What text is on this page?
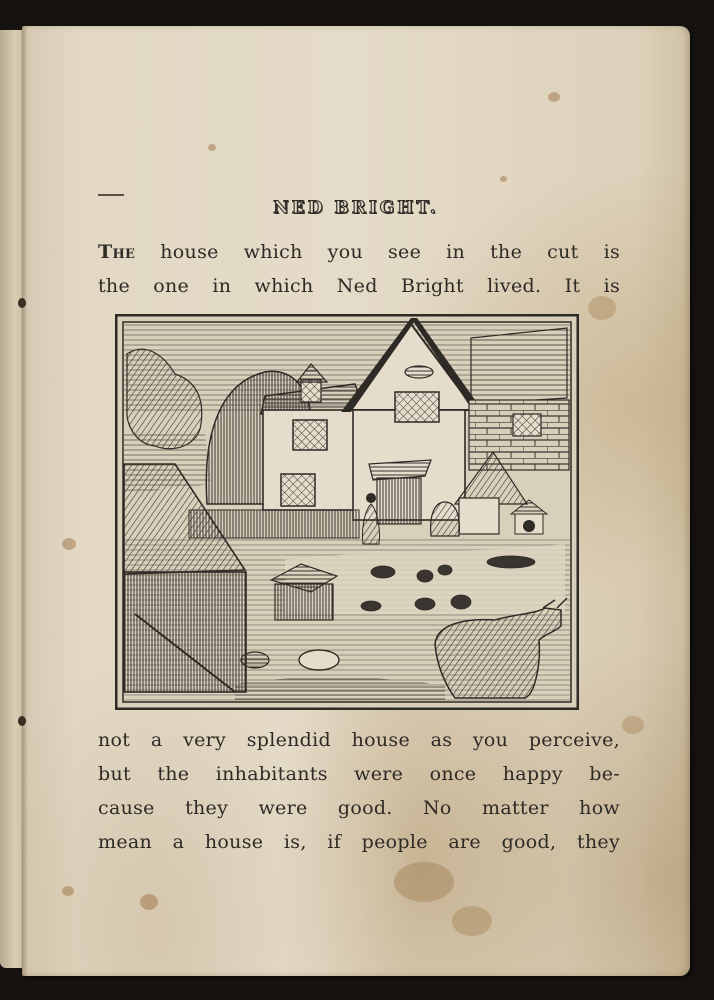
NED BRIGHT.
The house which you see in the cut is
the one in which Ned Bright lived. It is
not a very splendid house as you perceive,
but the inhabitants were once happy be-
cause they were good. No matter how
mean a house is, if people are good, they
